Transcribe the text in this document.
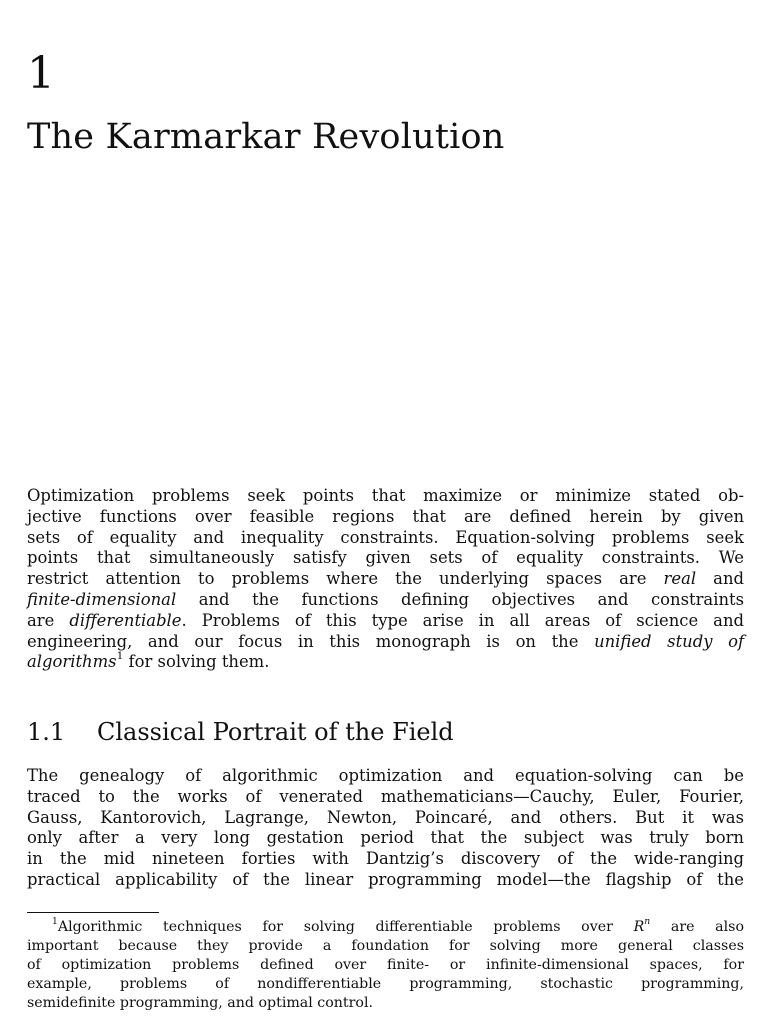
1
The Karmarkar Revolution
Optimization problems seek points that maximize or minimize stated ob-
jective functions over feasible regions that are defined herein by given
sets of equality and inequality constraints. Equation-solving problems seek
points that simultaneously satisfy given sets of equality constraints. We
restrict attention to problems where the underlying spaces are real and
finite-dimensional and the functions defining objectives and constraints
are differentiable. Problems of this type arise in all areas of science and
engineering, and our focus in this monograph is on the unified study of
algorithms$^1$ for solving them.
1.1 Classical Portrait of the Field
The genealogy of algorithmic optimization and equation-solving can be
traced to the works of venerated mathematicians—Cauchy, Euler, Fourier,
Gauss, Kantorovich, Lagrange, Newton, Poincaré, and others. But it was
only after a very long gestation period that the subject was truly born
in the mid nineteen forties with Dantzig’s discovery of the wide-ranging
practical applicability of the linear programming model—the flagship of the
$^1$Algorithmic techniques for solving differentiable problems over $R^n$ are also
important because they provide a foundation for solving more general classes
of optimization problems defined over finite- or infinite-dimensional spaces, for
example, problems of nondifferentiable programming, stochastic programming,
semidefinite programming, and optimal control.
